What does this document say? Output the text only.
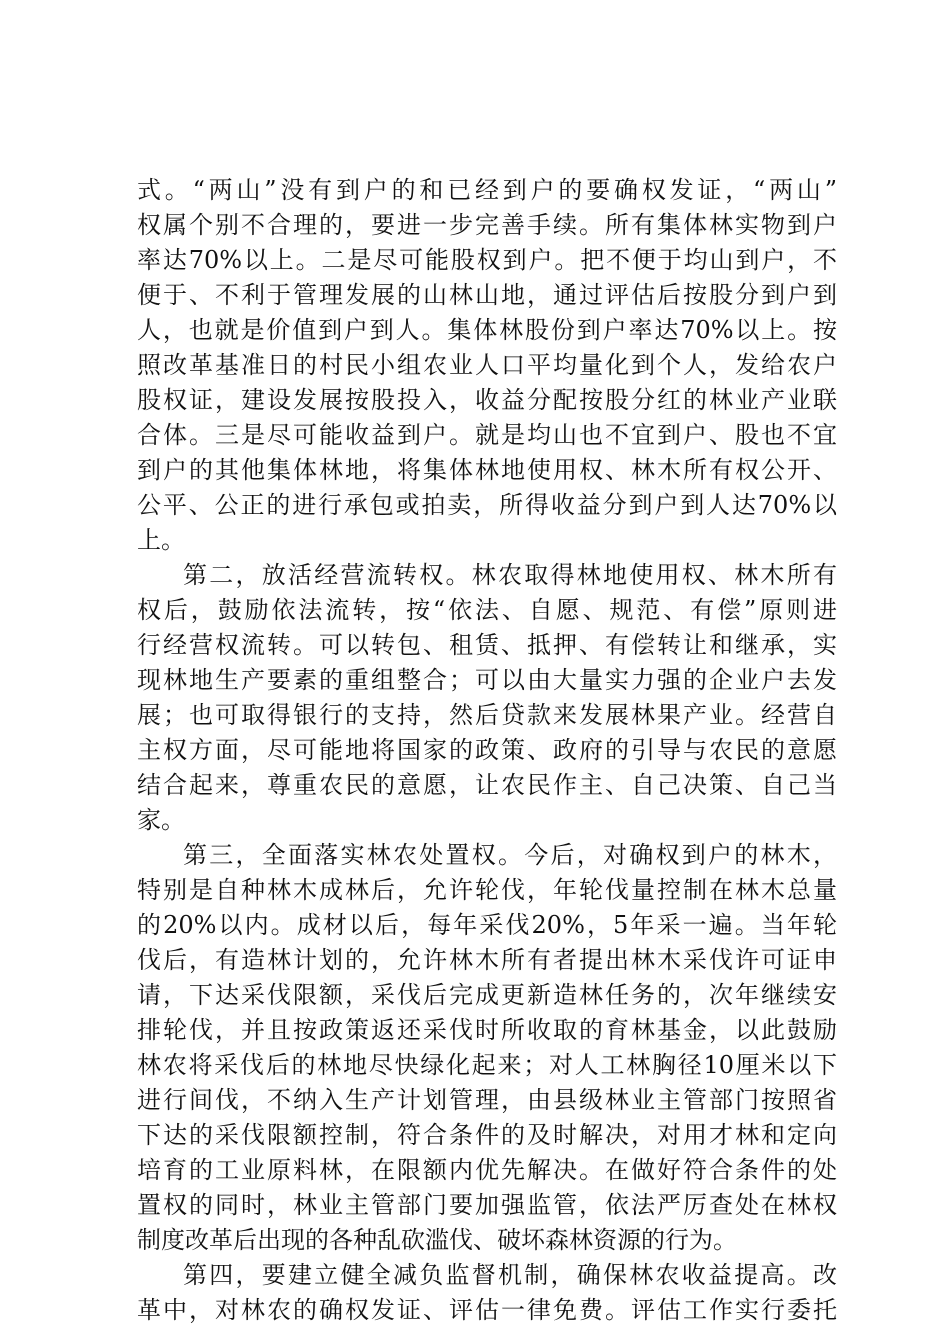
式。“两山”没有到户的和已经到户的要确权发证，“两山”
权属个别不合理的，要进一步完善手续。所有集体林实物到户
率达70%以上。二是尽可能股权到户。把不便于均山到户，不
便于、不利于管理发展的山林山地，通过评估后按股分到户到
人，也就是价值到户到人。集体林股份到户率达70%以上。按
照改革基准日的村民小组农业人口平均量化到个人，发给农户
股权证，建设发展按股投入，收益分配按股分红的林业产业联
合体。三是尽可能收益到户。就是均山也不宜到户、股也不宜
到户的其他集体林地，将集体林地使用权、林木所有权公开、
公平、公正的进行承包或拍卖，所得收益分到户到人达70%以
上。
第二，放活经营流转权。林农取得林地使用权、林木所有
权后，鼓励依法流转，按“依法、自愿、规范、有偿”原则进
行经营权流转。可以转包、租赁、抵押、有偿转让和继承，实
现林地生产要素的重组整合；可以由大量实力强的企业户去发
展；也可取得银行的支持，然后贷款来发展林果产业。经营自
主权方面，尽可能地将国家的政策、政府的引导与农民的意愿
结合起来，尊重农民的意愿，让农民作主、自己决策、自己当
家。
第三，全面落实林农处置权。今后，对确权到户的林木，
特别是自种林木成林后，允许轮伐，年轮伐量控制在林木总量
的20%以内。成材以后，每年采伐20%，5年采一遍。当年轮
伐后，有造林计划的，允许林木所有者提出林木采伐许可证申
请，下达采伐限额，采伐后完成更新造林任务的，次年继续安
排轮伐，并且按政策返还采伐时所收取的育林基金，以此鼓励
林农将采伐后的林地尽快绿化起来；对人工林胸径10厘米以下
进行间伐，不纳入生产计划管理，由县级林业主管部门按照省
下达的采伐限额控制，符合条件的及时解决，对用才林和定向
培育的工业原料林，在限额内优先解决。在做好符合条件的处
置权的同时，林业主管部门要加强监管，依法严厉查处在林权
制度改革后出现的各种乱砍滥伐、破坏森林资源的行为。
第四，要建立健全减负监督机制，确保林农收益提高。改
革中，对林农的确权发证、评估一律免费。评估工作实行委托
